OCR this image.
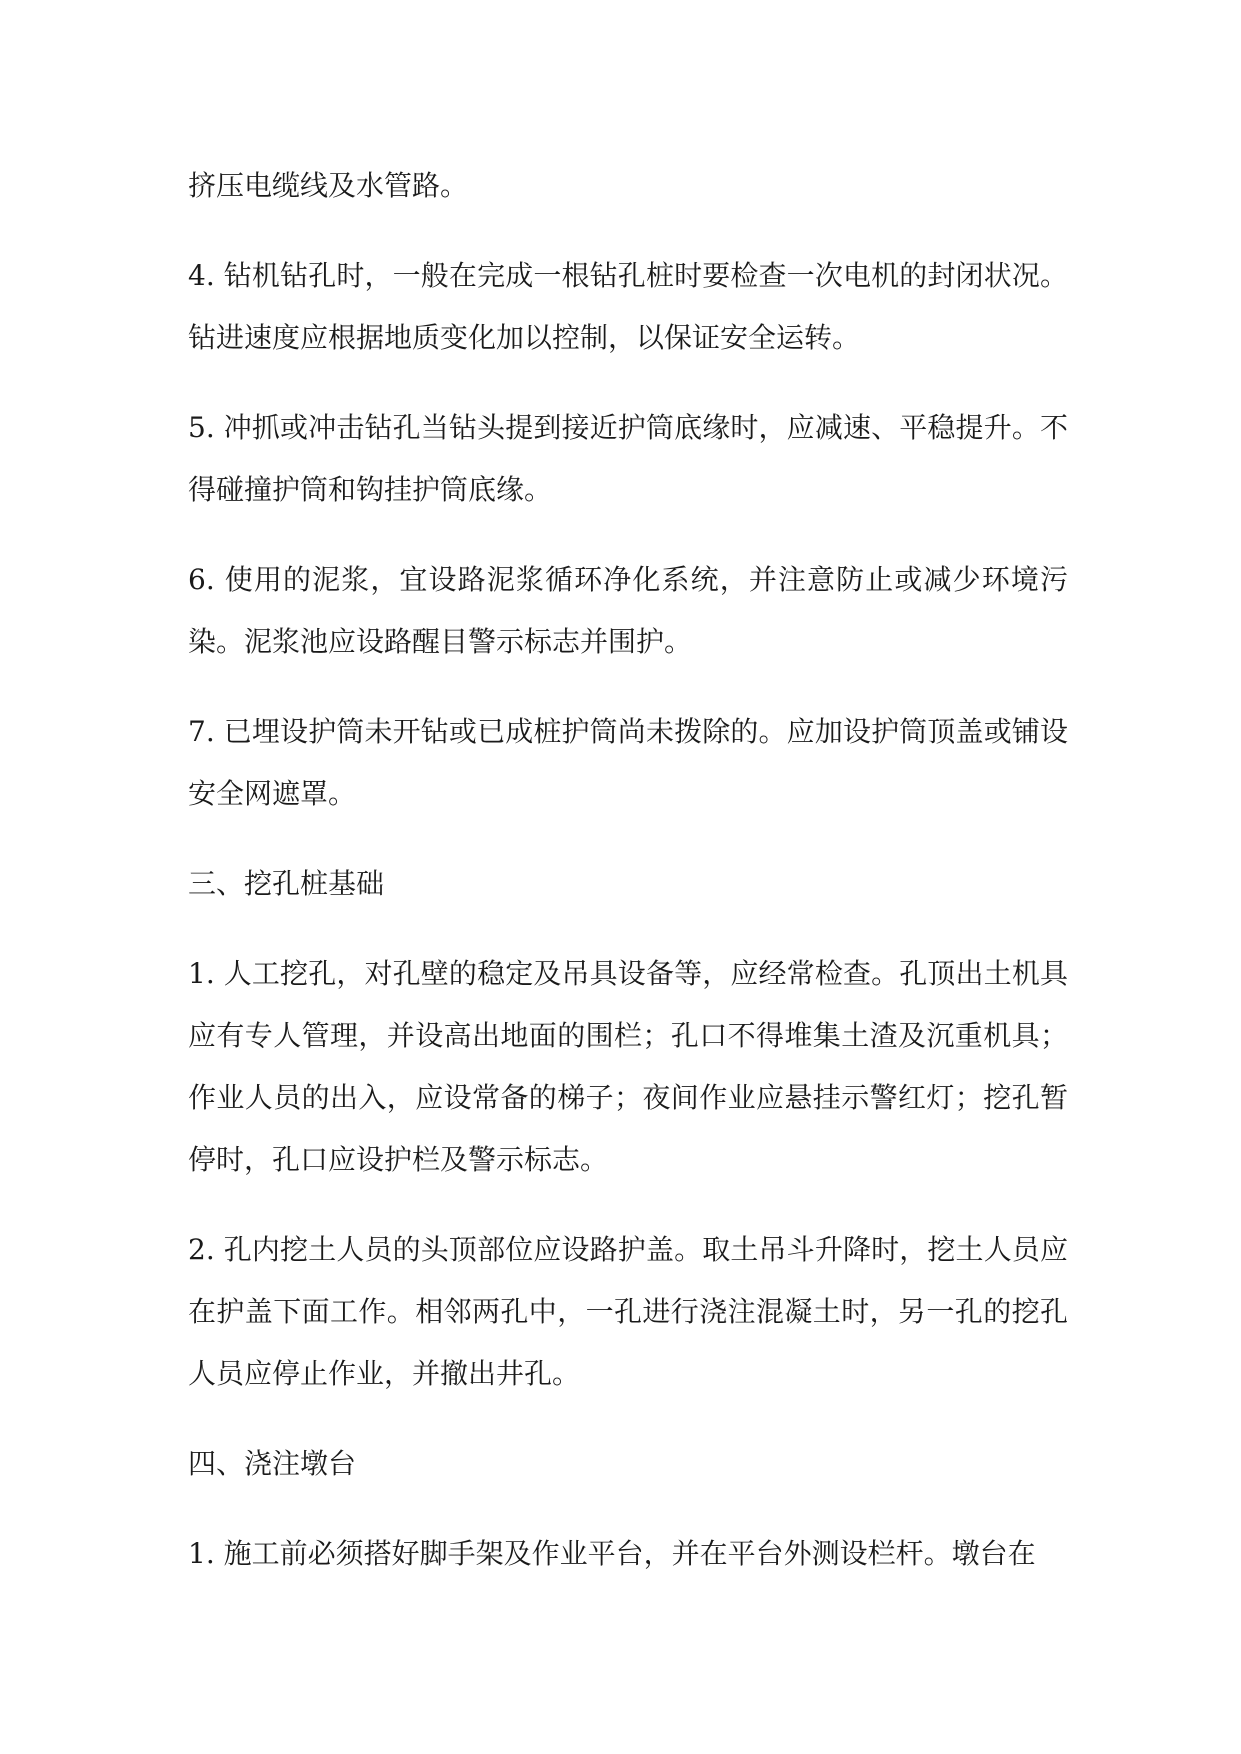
挤压电缆线及水管路。

4. 钻机钻孔时，一般在完成一根钻孔桩时要检查一次电机的封闭状况。钻进速度应根据地质变化加以控制，以保证安全运转。

5. 冲抓或冲击钻孔当钻头提到接近护筒底缘时，应减速、平稳提升。不得碰撞护筒和钩挂护筒底缘。

6. 使用的泥浆，宜设路泥浆循环净化系统，并注意防止或减少环境污染。泥浆池应设路醒目警示标志并围护。

7. 已埋设护筒未开钻或已成桩护筒尚未拨除的。应加设护筒顶盖或铺设安全网遮罩。

三、挖孔桩基础

1. 人工挖孔，对孔壁的稳定及吊具设备等，应经常检查。孔顶出土机具应有专人管理，并设高出地面的围栏；孔口不得堆集土渣及沉重机具；作业人员的出入，应设常备的梯子；夜间作业应悬挂示警红灯；挖孔暂停时，孔口应设护栏及警示标志。

2. 孔内挖土人员的头顶部位应设路护盖。取土吊斗升降时，挖土人员应在护盖下面工作。相邻两孔中，一孔进行浇注混凝土时，另一孔的挖孔人员应停止作业，并撤出井孔。

四、浇注墩台

1. 施工前必须搭好脚手架及作业平台，并在平台外测设栏杆。墩台在
